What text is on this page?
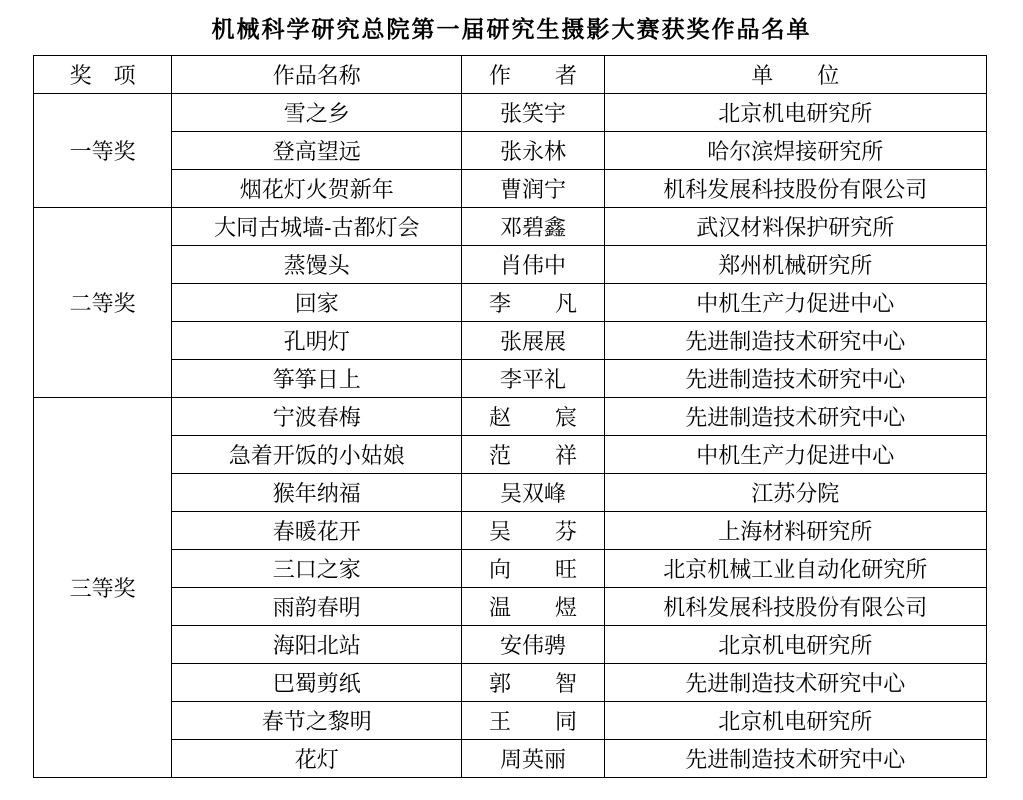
机械科学研究总院第一届研究生摄影大赛获奖作品名单
奖　项	作品名称	作　　者	单　　位
一等奖	雪之乡	张笑宇	北京机电研究所
	登高望远	张永林	哈尔滨焊接研究所
	烟花灯火贺新年	曹润宁	机科发展科技股份有限公司
二等奖	大同古城墙-古都灯会	邓碧鑫	武汉材料保护研究所
	蒸馒头	肖伟中	郑州机械研究所
	回家	李　　凡	中机生产力促进中心
	孔明灯	张展展	先进制造技术研究中心
	筝筝日上	李平礼	先进制造技术研究中心
三等奖	宁波春梅	赵　　宸	先进制造技术研究中心
	急着开饭的小姑娘	范　　祥	中机生产力促进中心
	猴年纳福	吴双峰	江苏分院
	春暖花开	吴　　芬	上海材料研究所
	三口之家	向　　旺	北京机械工业自动化研究所
	雨韵春明	温　　煜	机科发展科技股份有限公司
	海阳北站	安伟骋	北京机电研究所
	巴蜀剪纸	郭　　智	先进制造技术研究中心
	春节之黎明	王　　同	北京机电研究所
	花灯	周英丽	先进制造技术研究中心
